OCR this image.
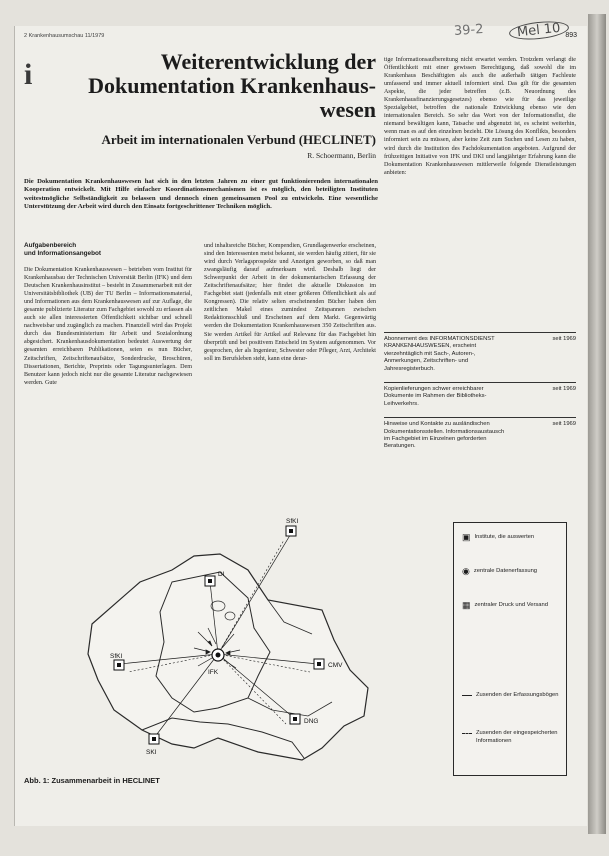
2 Krankenhausumschau 11/1979	39-2	Mel 10 893
i	Weiterentwicklung der
Dokumentation Krankenhaus-
wesen
Arbeit im internationalen Verbund (HECLINET)
R. Schoermann, Berlin
Die Dokumentation Krankenhauswesen hat sich in den letzten Jahren zu einer gut funktionierenden internationalen Kooperation entwickelt. Mit Hilfe einfacher Koordinationsmechanismen ist es möglich, den beteiligten Instituten weitestmögliche Selbständigkeit zu belassen und dennoch einen gemeinsamen Pool zu entwickeln. Eine wesentliche Unterstützung der Arbeit wird durch den Einsatz fortgeschrittener Techniken möglich.
Aufgabenbereich
und Informationsangebot

Die Dokumentation Krankenhauswesen – betrieben vom Institut für Krankenhausbau der Technischen Universität Berlin (IFK) und dem Deutschen Krankenhausinstitut – besteht in Zusammenarbeit mit der Universitätsbibliothek (UB) der TU Berlin – Informationsmaterial, und Informationen aus dem Krankenhauswesen auf zur Auflage, die gesamte publizierte Literatur zum Fachgebiet sowohl zu erfassen als auch sie allen interessierten Öffentlichkeit sichtbar und schnell nachweisbar und zugänglich zu machen. Finanziell wird das Projekt durch das Bundesministerium für Arbeit und Sozialordnung abgesichert. Krankenhausdokumentation bedeutet Auswertung der gesamten erreichbaren Publikationen, seien es nun Bücher, Zeitschriften, Zeitschriftenaufsätze, Sonderdrucke, Broschüren, Dissertationen, Berichte, Preprints oder Tagungsunterlagen. Dem Benutzer kann jedoch nicht nur die gesamte Literatur nachgewiesen werden. Gute

und inhaltsreiche Bücher, Kompendien, Grundlagenwerke erscheinen, sind den Interessenten meist bekannt, sie werden häufig zitiert, für sie wird durch Verlagsprospekte und Anzeigen geworben, so daß man zwangsläufig darauf aufmerksam wird. Deshalb liegt der Schwerpunkt der Arbeit in der dokumentarischen Erfassung der Zeitschriftenaufsätze; hier findet die aktuelle Diskussion im Fachgebiet statt (jedenfalls mit einer größeren Öffentlichkeit als auf Kongressen). Die relativ selten erscheinenden Bücher haben den zeitlichen Makel eines zumindest Zeitspannen zwischen Redaktionsschluß und Erscheinen auf dem Markt. Gegenwärtig werden die Dokumentation Krankenhauswesen 350 Zeitschriften aus. Sie werden Artikel für Artikel auf Relevanz für das Fachgebiet hin überprüft und bei positivem Entscheid im System aufgenommen. Vor gesprochen, der als Ingenieur, Schwester oder Pfleger, Arzt, Architekt soll im Berufsleben steht, kann eine derar-

tige Informationsaufbereitung nicht erwartet werden. Trotzdem verlangt die Öffentlichkeit mit einer gewissen Berechtigung, daß sowohl die im Krankenhaus Beschäftigten als auch die außerhalb tätigen Fachleute umfassend und immer aktuell informiert sind. Das gilt für die gesamten Aspekte, die jeder betreffen (z.B. Neuordnung des Krankenhausfinanzierungsgesetzes) ebenso wie für das jeweilige Spezialgebiet, betroffen die nationale Entwicklung ebenso wie den internationalen Bereich. So sehr das Wort von der Informationsflut, die niemand bewältigen kann, Tatsache und abgenutzt ist, es scheint weiterhin, wenn man es auf den einzelnen bezieht. Die Lösung des Konflikts, besonders informiert sein zu müssen, aber keine Zeit zum Suchen und Lesen zu haben, wird durch die Institution des Fachdokumentation angeboten. Aufgrund der frühzeitigen Initiative von IFK und DKI und langjähriger Erfahrung kann die Dokumentation Krankenhauswesen mittlerweile folgende Dienstleistungen anbieten:

Abonnement des INFORMATIONSDIENST KRANKENHAUSWESEN, erscheint vierzehntäglich mit Sach-, Autoren-, Anmerkungen, Zeitschriften- und Jahresregisterbuch.
seit 1969
Kopienlieferungen schwer erreichbarer Dokumente im Rahmen der Bibliotheks-Leihverkehrs.
seit 1969
Hinweise und Kontakte zu ausländischen Dokumentationsstellen. Informationsaustausch im Fachgebiet im Einzelnen geforderten Beratungen.
seit 1969
SfKI
DI
SfKI
IFK
CMV
DNG
SKI
▣ Institute, die auswerten
◉ zentrale Datenerfassung
▦ zentraler Druck und Versand
Zusenden der Erfassungsbögen
Zusenden der eingespeicherten Informationen
Abb. 1: Zusammenarbeit in HECLINET
